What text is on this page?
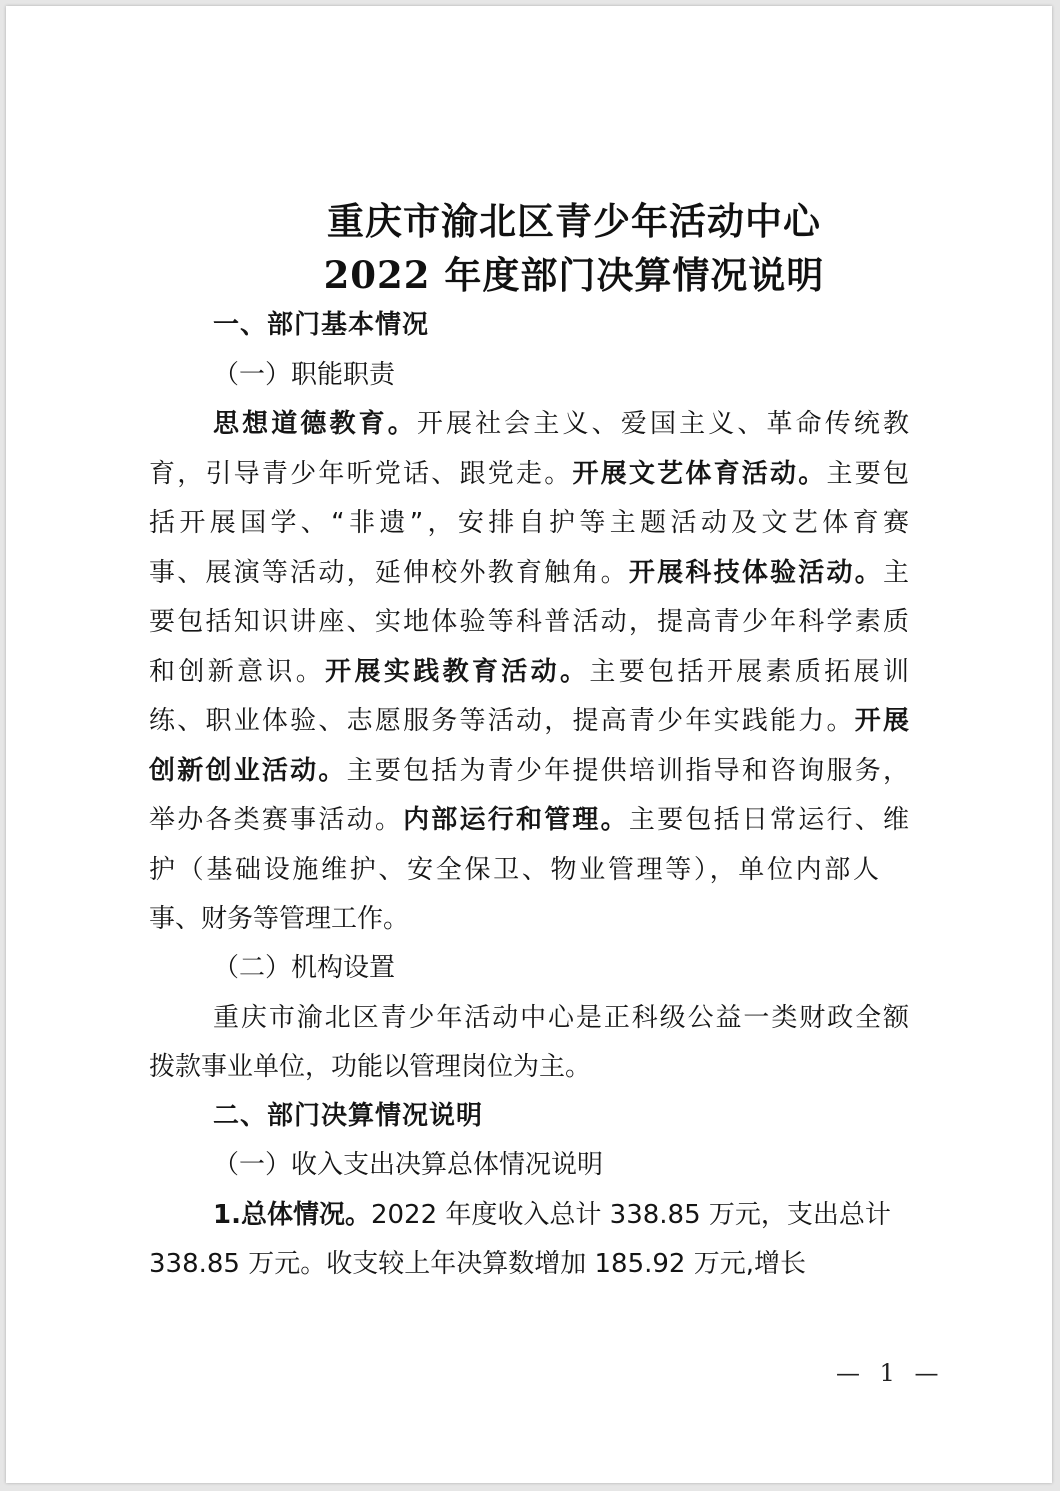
重庆市渝北区青少年活动中心
2022 年度部门决算情况说明
一、部门基本情况
（一）职能职责
思想道德教育。开展社会主义、爱国主义、革命传统教
育，引导青少年听党话、跟党走。开展文艺体育活动。主要包
括开展国学、“非遗”，安排自护等主题活动及文艺体育赛
事、展演等活动，延伸校外教育触角。开展科技体验活动。主
要包括知识讲座、实地体验等科普活动，提高青少年科学素质
和创新意识。开展实践教育活动。主要包括开展素质拓展训
练、职业体验、志愿服务等活动，提高青少年实践能力。开展
创新创业活动。主要包括为青少年提供培训指导和咨询服务，
举办各类赛事活动。内部运行和管理。主要包括日常运行、维
护（基础设施维护、安全保卫、物业管理等），单位内部人
事、财务等管理工作。
（二）机构设置
重庆市渝北区青少年活动中心是正科级公益一类财政全额
拨款事业单位，功能以管理岗位为主。
二、部门决算情况说明
（一）收入支出决算总体情况说明
1.总体情况。2022 年度收入总计 338.85 万元，支出总计
338.85 万元。收支较上年决算数增加 185.92 万元,增长
— 1 —
